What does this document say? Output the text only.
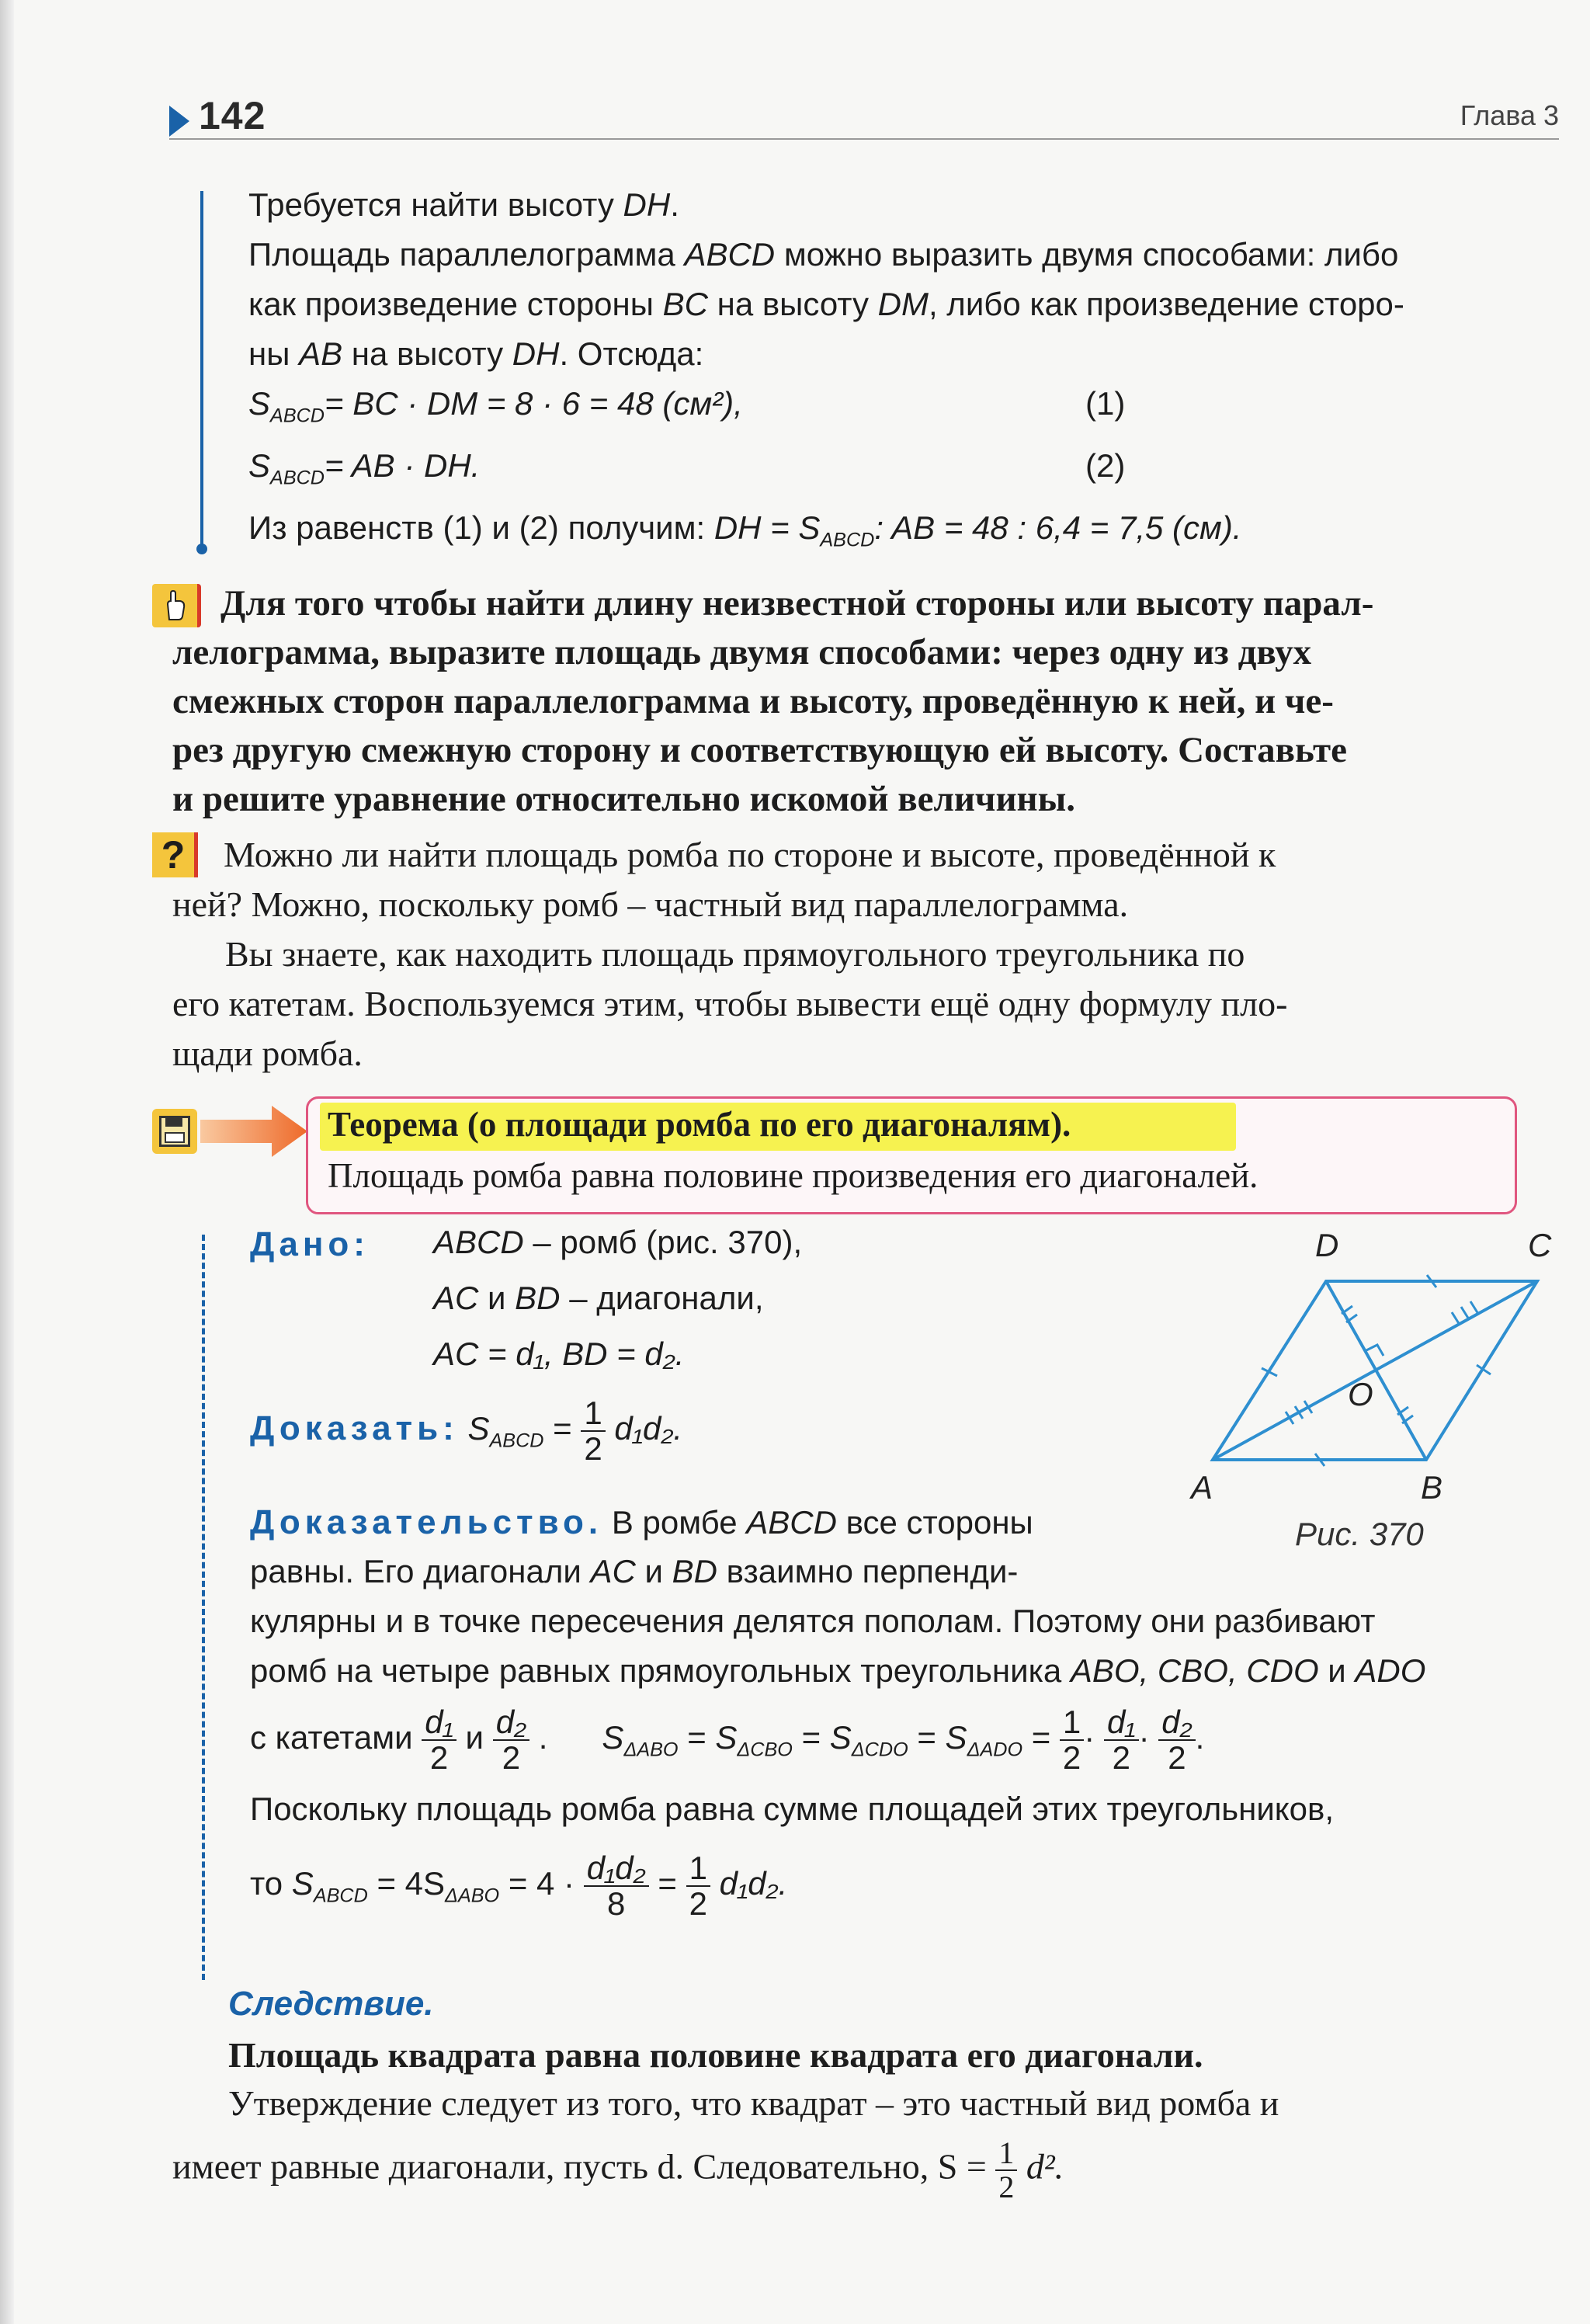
142	Глава 3
Требуется найти высоту DH.
Площадь параллелограмма ABCD можно выразить двумя способами: либо
как произведение стороны BC на высоту DM, либо как произведение сторо-
ны AB на высоту DH. Отсюда:
$S_{ABCD}=$ BC · DM = 8 · 6 = 48 (см²),	(1)
$S_{ABCD}=$ AB · DH.	(2)
Из равенств (1) и (2) получим: DH = $S_{ABCD}$: AB = 48 : 6,4 = 7,5 (см).
Для того чтобы найти длину неизвестной стороны или высоту парал-
лелограмма, выразите площадь двумя способами: через одну из двух
смежных сторон параллелограмма и высоту, проведённую к ней, и че-
рез другую смежную сторону и соответствующую ей высоту. Составьте
и решите уравнение относительно искомой величины.
?	Можно ли найти площадь ромба по стороне и высоте, проведённой к
ней? Можно, поскольку ромб – частный вид параллелограмма.
Вы знаете, как находить площадь прямоугольного треугольника по
его катетам. Воспользуемся этим, чтобы вывести ещё одну формулу пло-
щади ромба.
Теорема (о площади ромба по его диагоналям).
Площадь ромба равна половине произведения его диагоналей.
Дано: ABCD – ромб (рис. 370),
AC и BD – диагонали,
AC = d₁, BD = d₂.
Доказать: $S_{ABCD} = \frac{1}{2} d_1d_2$.
Доказательство. В ромбе ABCD все стороны
равны. Его диагонали AC и BD взаимно перпенди-
кулярны и в точке пересечения делятся пополам. Поэтому они разбивают
ромб на четыре равных прямоугольных треугольника ABO, CBO, CDO и ADO
с катетами $\frac{\text{d₁}}{2}$ и $\frac{\text{d₂}}{2}$ .      $S_{\Delta ABO} = S_{\Delta CBO} = S_{\Delta CDO} = S_{\Delta ADO} = \frac{1}{2} \cdot \frac{\text{d₁}}{2} \cdot \frac{\text{d₂}}{2}$ .
Поскольку площадь ромба равна сумме площадей этих треугольников,
то $S_{ABCD} = 4S_{\Delta ABO} = 4 \cdot \frac{\text{d₁d₂}}{8} = \frac{1}{2} d_1d_2$.
A	B
C
D
O
Рис. 370
Следствие.
Площадь квадрата равна половине квадрата его диагонали.
Утверждение следует из того, что квадрат – это частный вид ромба и
имеет равные диагонали, пусть d. Следовательно, $S = \frac{1}{2} d^2$.
